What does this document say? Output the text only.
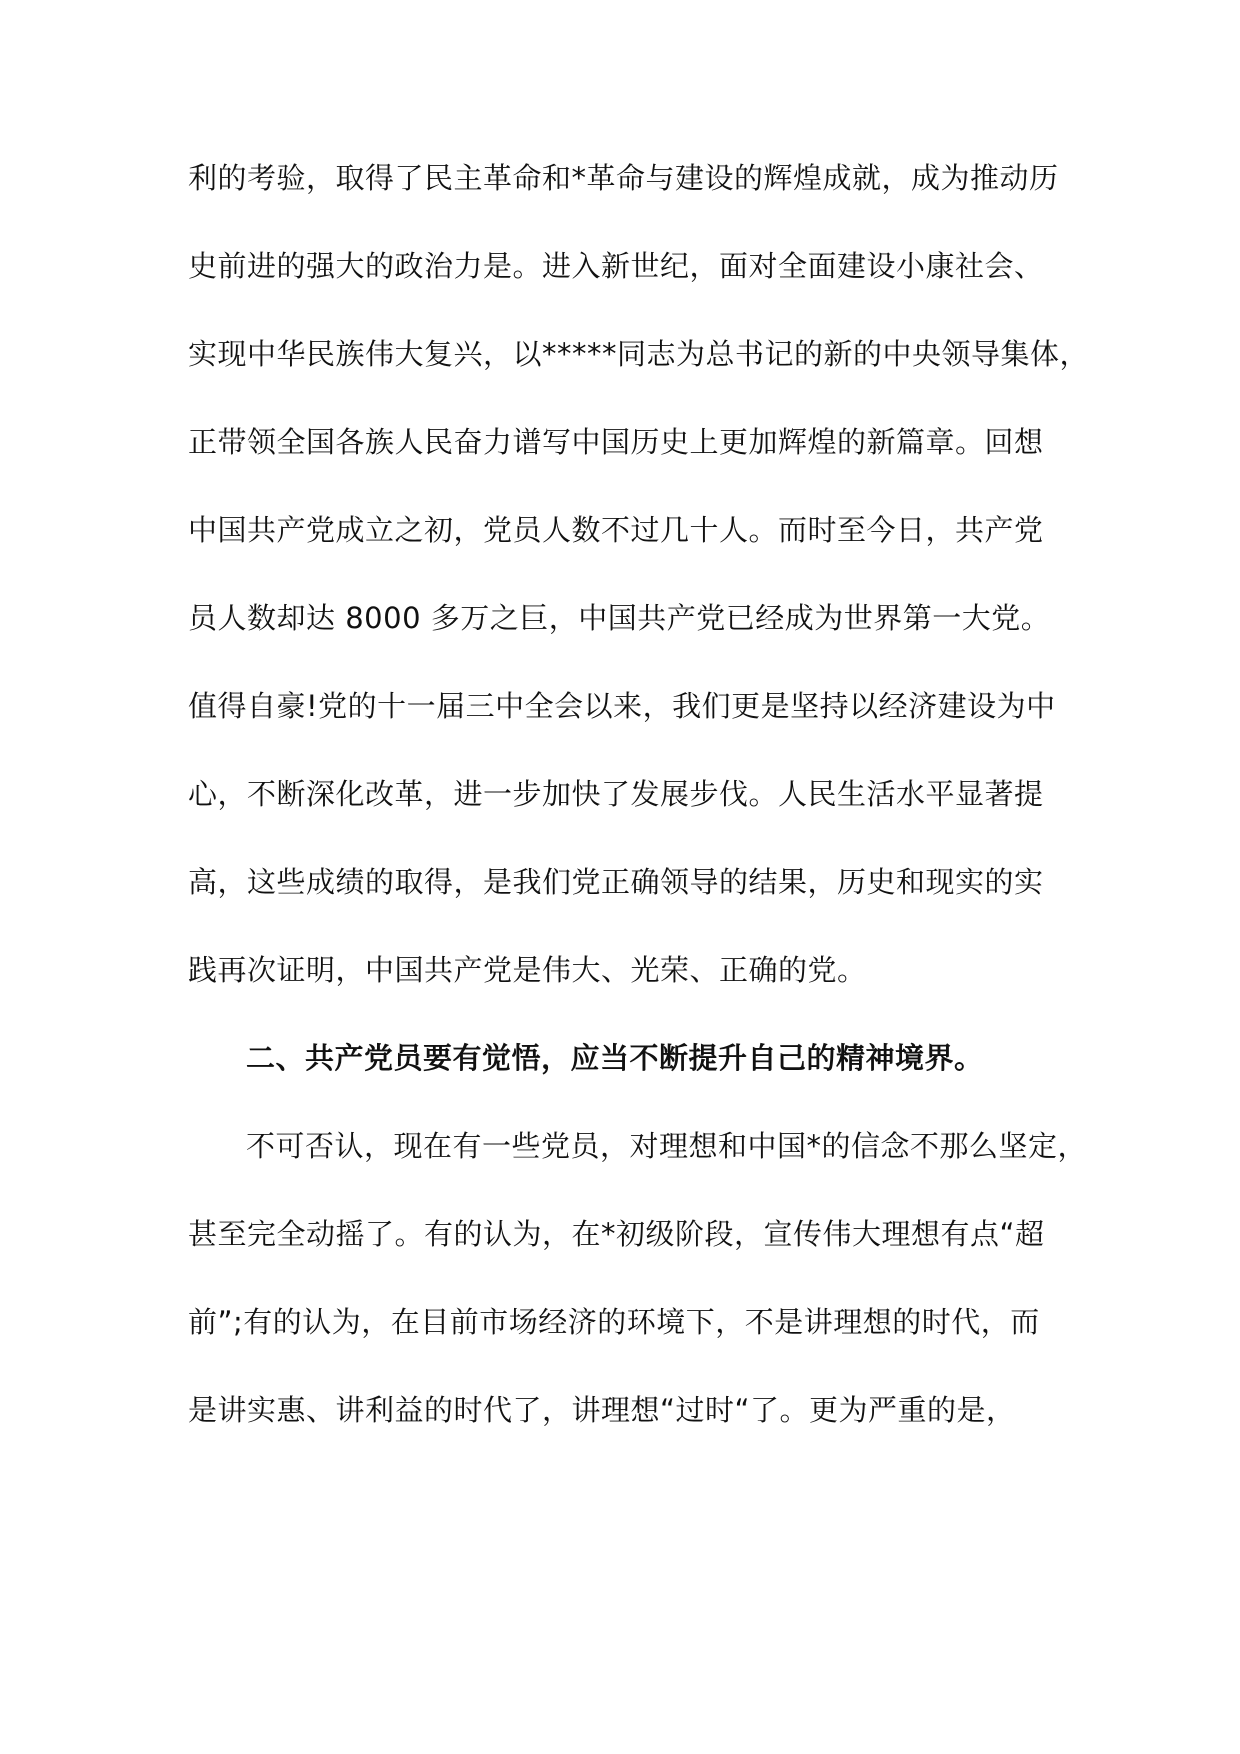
利的考验，取得了民主革命和*革命与建设的辉煌成就，成为推动历
史前进的强大的政治力是。进入新世纪，面对全面建设小康社会、
实现中华民族伟大复兴，以*****同志为总书记的新的中央领导集体，
正带领全国各族人民奋力谱写中国历史上更加辉煌的新篇章。回想
中国共产党成立之初，党员人数不过几十人。而时至今日，共产党
员人数却达 8000 多万之巨，中国共产党已经成为世界第一大党。
值得自豪!党的十一届三中全会以来，我们更是坚持以经济建设为中
心，不断深化改革，进一步加快了发展步伐。人民生活水平显著提
高，这些成绩的取得，是我们党正确领导的结果，历史和现实的实
践再次证明，中国共产党是伟大、光荣、正确的党。
二、共产党员要有觉悟，应当不断提升自己的精神境界。
不可否认，现在有一些党员，对理想和中国*的信念不那么坚定，
甚至完全动摇了。有的认为，在*初级阶段，宣传伟大理想有点“超
前”;有的认为，在目前市场经济的环境下，不是讲理想的时代，而
是讲实惠、讲利益的时代了，讲理想“过时“了。更为严重的是，
